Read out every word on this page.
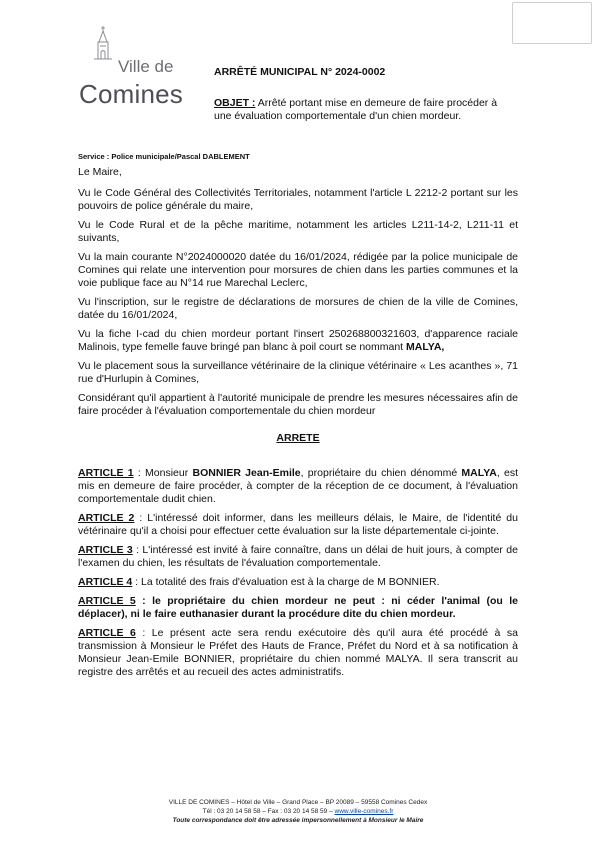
Ville de
Comines
ARRÊTÉ MUNICIPAL N° 2024-0002
OBJET : Arrêté portant mise en demeure de faire procéder à une évaluation comportementale d'un chien mordeur.
Service : Police municipale/Pascal DABLEMENT

Le Maire,

Vu le Code Général des Collectivités Territoriales, notamment l'article L 2212-2 portant sur les pouvoirs de police générale du maire,

Vu le Code Rural et de la pêche maritime, notamment les articles L211-14-2, L211-11 et suivants,

Vu la main courante N°2024000020 datée du 16/01/2024, rédigée par la police municipale de Comines qui relate une intervention pour morsures de chien dans les parties communes et la voie publique face au N°14 rue Marechal Leclerc,

Vu l'inscription, sur le registre de déclarations de morsures de chien de la ville de Comines, datée du 16/01/2024,

Vu la fiche I-cad du chien mordeur portant l'insert 250268800321603, d'apparence raciale Malinois, type femelle fauve bringé pan blanc à poil court se nommant MALYA,

Vu le placement sous la surveillance vétérinaire de la clinique vétérinaire « Les acanthes », 71 rue d'Hurlupin à Comines,

Considérant qu'il appartient à l'autorité municipale de prendre les mesures nécessaires afin de faire procéder à l'évaluation comportementale du chien mordeur

ARRETE

ARTICLE 1 : Monsieur BONNIER Jean-Emile, propriétaire du chien dénommé MALYA, est mis en demeure de faire procéder, à compter de la réception de ce document, à l'évaluation comportementale dudit chien.

ARTICLE 2 : L'intéressé doit informer, dans les meilleurs délais, le Maire, de l'identité du vétérinaire qu'il a choisi pour effectuer cette évaluation sur la liste départementale ci-jointe.

ARTICLE 3 : L'intéressé est invité à faire connaître, dans un délai de huit jours, à compter de l'examen du chien, les résultats de l'évaluation comportementale.

ARTICLE 4 : La totalité des frais d'évaluation est à la charge de M BONNIER.

ARTICLE 5 : le propriétaire du chien mordeur ne peut : ni céder l'animal (ou le déplacer), ni le faire euthanasier durant la procédure dite du chien mordeur.

ARTICLE 6 : Le présent acte sera rendu exécutoire dès qu'il aura été procédé à sa transmission à Monsieur le Préfet des Hauts de France, Préfet du Nord et à sa notification à Monsieur Jean-Emile BONNIER, propriétaire du chien nommé MALYA. Il sera transcrit au registre des arrêtés et au recueil des actes administratifs.

VILLE DE COMINES – Hôtel de Ville – Grand Place – BP 20089 – 59558 Comines Cedex
Tél : 03 20 14 58 58 – Fax : 03 20 14 58 59 – www.ville-comines.fr
Toute correspondance doit être adressée impersonnellement à Monsieur le Maire
